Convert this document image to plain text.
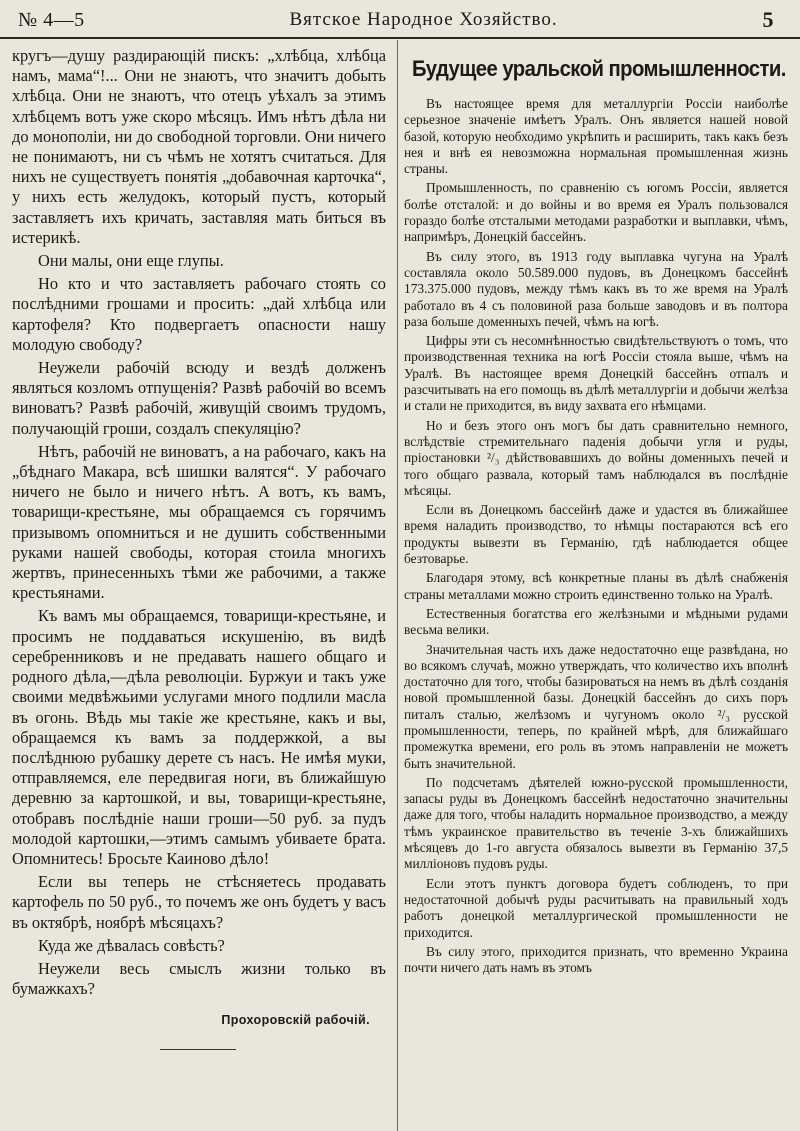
№ 4—5	Вятское Народное Хозяйство.	5

кругъ—душу раздирающій пискъ: „хлѣбца, хлѣбца намъ, мама“!... Они не знаютъ, что значитъ добыть хлѣбца. Они не знаютъ, что отецъ уѣхалъ за этимъ хлѣбцемъ вотъ уже скоро мѣсяцъ. Имъ нѣтъ дѣла ни до монополіи, ни до свободной торговли. Они ничего не понимаютъ, ни съ чѣмъ не хотятъ считаться. Для нихъ не существуетъ понятія „добавочная карточка“, у нихъ есть желудокъ, который пустъ, который заставляетъ ихъ кричать, заставляя мать биться въ истерикѣ.

Они малы, они еще глупы.

Но кто и что заставляетъ рабочаго стоять со послѣдними грошами и просить: „дай хлѣбца или картофеля? Кто подвергаетъ опасности нашу молодую свободу?

Неужели рабочій всюду и вездѣ долженъ являться козломъ отпущенія? Развѣ рабочій во всемъ виноватъ? Развѣ рабочій, живущій своимъ трудомъ, получающій гроши, создалъ спекуляцію?

Нѣтъ, рабочій не виноватъ, а на рабочаго, какъ на „бѣднаго Макара, всѣ шишки валятся“. У рабочаго ничего не было и ничего нѣтъ. А вотъ, къ вамъ, товарищи-крестьяне, мы обращаемся съ горячимъ призывомъ опомниться и не душить собственными руками нашей свободы, которая стоила многихъ жертвъ, принесенныхъ тѣми же рабочими, а также крестьянами.

Къ вамъ мы обращаемся, товарищи-крестьяне, и просимъ не поддаваться искушенію, въ видѣ серебренниковъ и не предавать нашего общаго и родного дѣла,—дѣла революціи. Буржуи и такъ уже своими медвѣжьими услугами много подлили масла въ огонь. Вѣдь мы такіе же крестьяне, какъ и вы, обращаемся къ вамъ за поддержкой, а вы послѣднюю рубашку дерете съ насъ. Не имѣя муки, отправляемся, еле передвигая ноги, въ ближайшую деревню за картошкой, и вы, товарищи-крестьяне, отобравъ послѣдніе наши гроши—50 руб. за пудъ молодой картошки,—этимъ самымъ убиваете брата. Опомнитесь! Бросьте Каиново дѣло!

Если вы теперь не стѣсняетесь продавать картофель по 50 руб., то почемъ же онъ будетъ у васъ въ октябрѣ, ноябрѣ мѣсяцахъ?

Куда же дѣвалась совѣсть?

Неужели весь смыслъ жизни только въ бумажкахъ?

Прохоровскій рабочій.
Будущее уральской промышленности.

Въ настоящее время для металлургіи Россіи наиболѣе серьезное значеніе имѣетъ Уралъ. Онъ является нашей новой базой, которую необходимо укрѣпить и расширить, такъ какъ безъ нея и внѣ ея невозможна нормальная промышленная жизнь страны.

Промышленность, по сравненію съ югомъ Россіи, является болѣе отсталой: и до войны и во время ея Уралъ пользовался гораздо болѣе отсталыми методами разработки и выплавки, чѣмъ, напримѣръ, Донецкій бассейнъ.

Въ силу этого, въ 1913 году выплавка чугуна на Уралѣ составляла около 50.589.000 пудовъ, въ Донецкомъ бассейнѣ 173.375.000 пудовъ, между тѣмъ какъ въ то же время на Уралѣ работало въ 4 съ половиной раза больше заводовъ и въ полтора раза больше доменныхъ печей, чѣмъ на югѣ.

Цифры эти съ несомнѣнностью свидѣтельствуютъ о томъ, что производственная техника на югѣ Россіи стояла выше, чѣмъ на Уралѣ. Въ настоящее время Донецкій бассейнъ отпалъ и разсчитывать на его помощь въ дѣлѣ металлургіи и добычи желѣза и стали не приходится, въ виду захвата его нѣмцами.

Но и безъ этого онъ могъ бы дать сравнительно немного, вслѣдствіе стремительнаго паденія добычи угля и руды, пріостановки ²/₃ дѣйствовавшихъ до войны доменныхъ печей и того общаго развала, который тамъ наблюдался въ послѣдніе мѣсяцы.

Если въ Донецкомъ бассейнѣ даже и удастся въ ближайшее время наладить производство, то нѣмцы постараются всѣ его продукты вывезти въ Германію, гдѣ наблюдается общее безтоварье.

Благодаря этому, всѣ конкретные планы въ дѣлѣ снабженія страны металлами можно строить единственно только на Уралѣ.

Естественныя богатства его желѣзными и мѣдными рудами весьма велики.

Значительная часть ихъ даже недостаточно еще развѣдана, но во всякомъ случаѣ, можно утверждать, что количество ихъ вполнѣ достаточно для того, чтобы базироваться на немъ въ дѣлѣ созданія новой промышленной базы. Донецкій бассейнъ до сихъ поръ питалъ сталью, желѣзомъ и чугуномъ около ²/₃ русской промышленности, теперь, по крайней мѣрѣ, для ближайшаго промежутка времени, его роль въ этомъ направленіи не можетъ быть значительной.

По подсчетамъ дѣятелей южно-русской промышленности, запасы руды въ Донецкомъ бассейнѣ недостаточно значительны даже для того, чтобы наладить нормальное производство, а между тѣмъ украинское правительство въ теченіе 3-хъ ближайшихъ мѣсяцевъ до 1-го августа обязалось вывезти въ Германію 37,5 милліоновъ пудовъ руды.

Если этотъ пунктъ договора будетъ соблюденъ, то при недостаточной добычѣ руды расчитывать на правильный ходъ работъ донецкой металлургической промышленности не приходится.

Въ силу этого, приходится признать, что временно Украина почти ничего дать намъ въ этомъ
